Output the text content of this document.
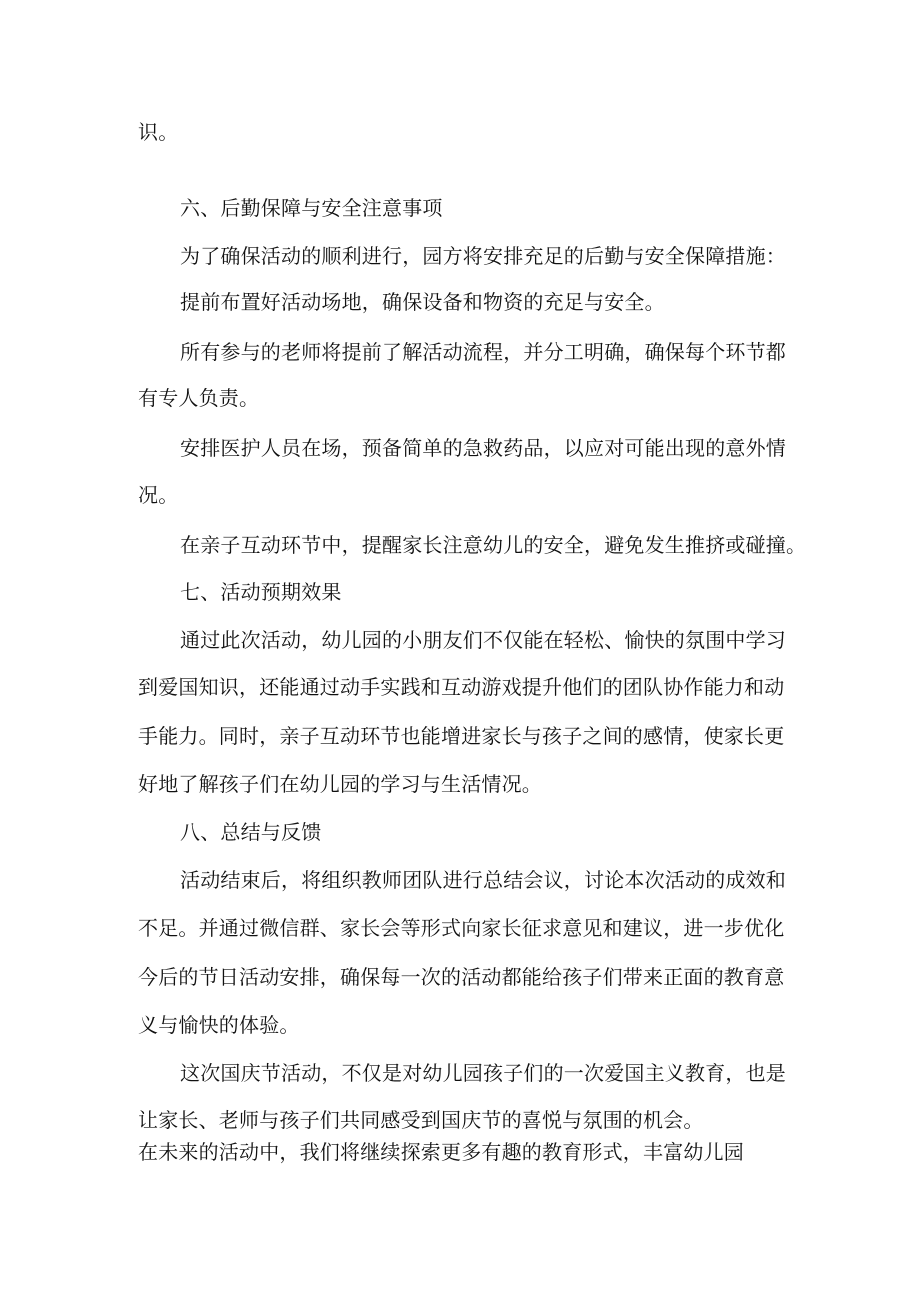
识。
六、后勤保障与安全注意事项
为了确保活动的顺利进行，园方将安排充足的后勤与安全保障措施：
提前布置好活动场地，确保设备和物资的充足与安全。
所有参与的老师将提前了解活动流程，并分工明确，确保每个环节都
有专人负责。
安排医护人员在场，预备简单的急救药品，以应对可能出现的意外情
况。
在亲子互动环节中，提醒家长注意幼儿的安全，避免发生推挤或碰撞。
七、活动预期效果
通过此次活动，幼儿园的小朋友们不仅能在轻松、愉快的氛围中学习
到爱国知识，还能通过动手实践和互动游戏提升他们的团队协作能力和动
手能力。同时，亲子互动环节也能增进家长与孩子之间的感情，使家长更
好地了解孩子们在幼儿园的学习与生活情况。
八、总结与反馈
活动结束后，将组织教师团队进行总结会议，讨论本次活动的成效和
不足。并通过微信群、家长会等形式向家长征求意见和建议，进一步优化
今后的节日活动安排，确保每一次的活动都能给孩子们带来正面的教育意
义与愉快的体验。
这次国庆节活动，不仅是对幼儿园孩子们的一次爱国主义教育，也是
让家长、老师与孩子们共同感受到国庆节的喜悦与氛围的机会。
在未来的活动中，我们将继续探索更多有趣的教育形式，丰富幼儿园
